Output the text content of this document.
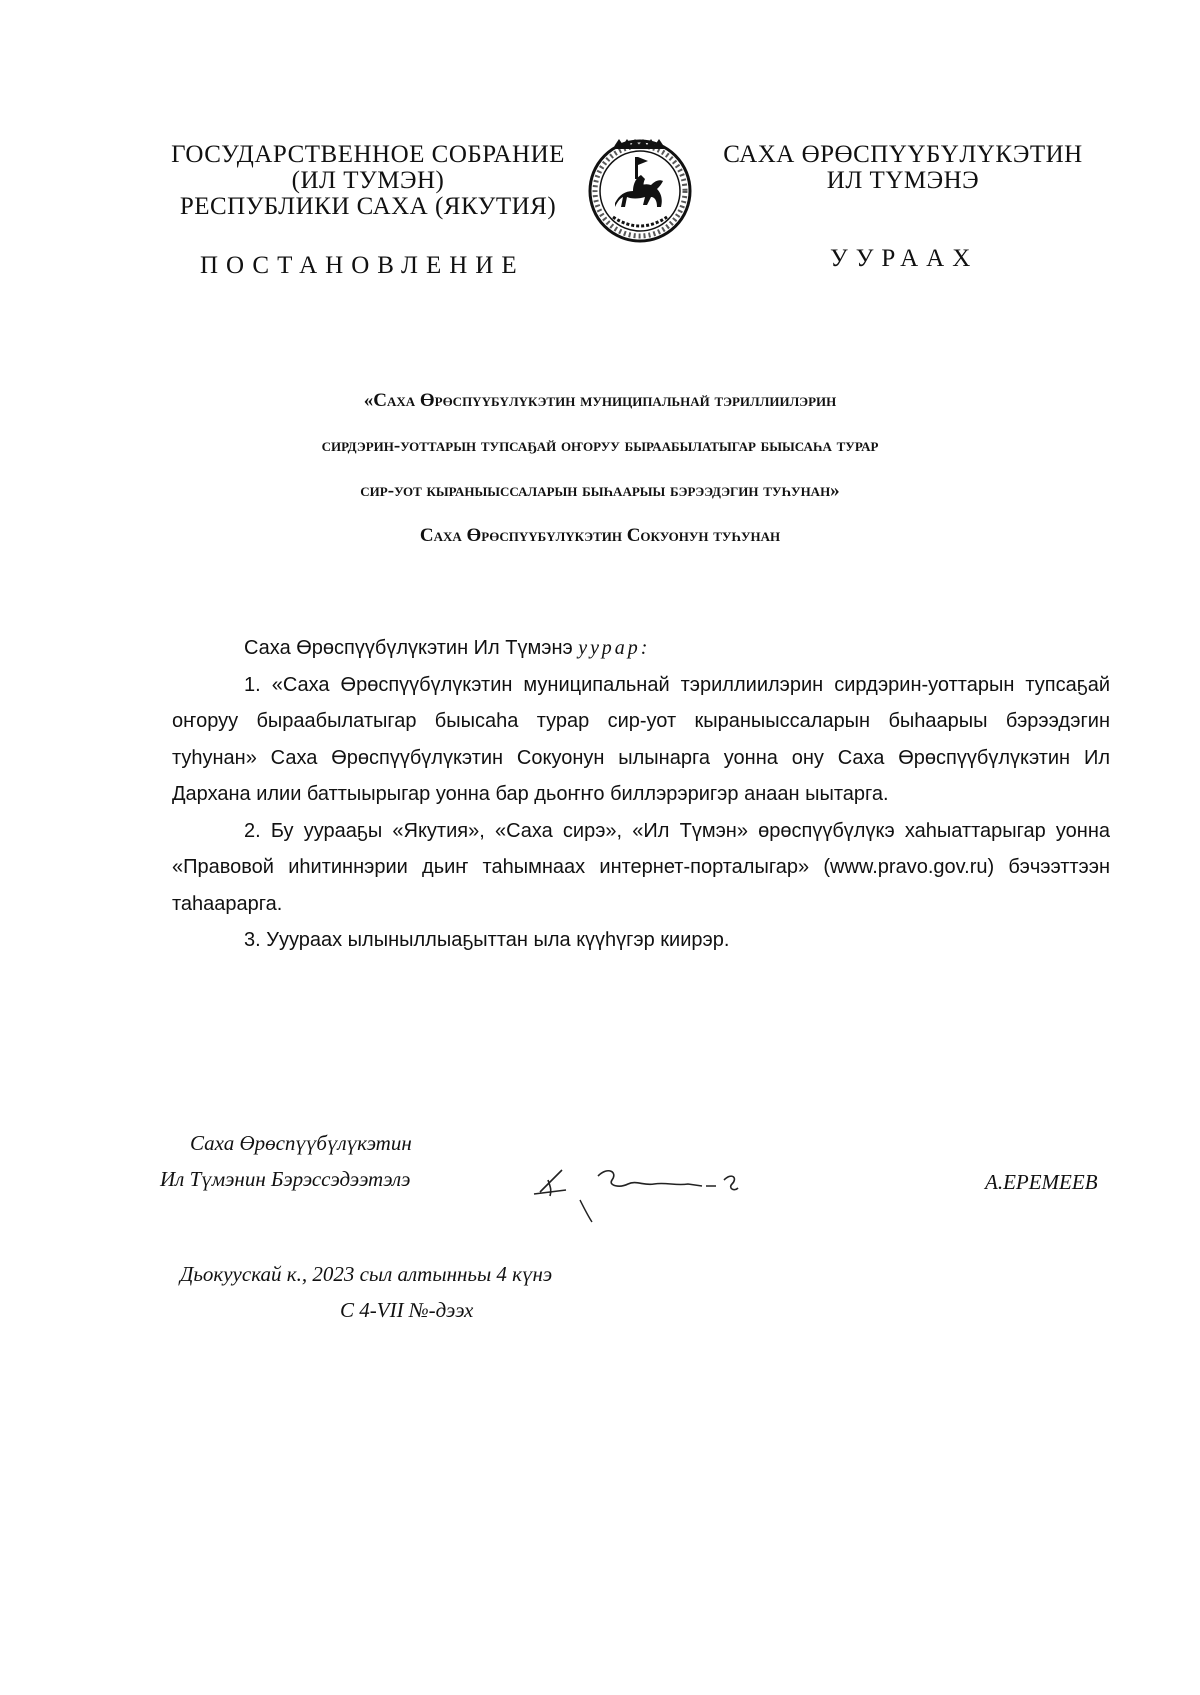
ГОСУДАРСТВЕННОЕ СОБРАНИЕ
(ИЛ ТУМЭН)
РЕСПУБЛИКИ САХА (ЯКУТИЯ)
САХА ӨРӨСПҮҮБҮЛҮКЭТИН
ИЛ ТҮМЭНЭ
ПОСТАНОВЛЕНИЕ	УУРААХ
«Саха Өрөспүүбүлүкэтин муниципальнай тэриллиилэрин
сирдэрин-уоттарын тупсаҕай оҥоруу быраабылатыгар быысаһа турар
сир-уот кыраныыссаларын быһаарыы бэрээдэгин туһунан»
Саха Өрөспүүбүлүкэтин Сокуонун туһунан

Саха Өрөспүүбүлүкэтин Ил Түмэнэ уурар:

1. «Саха Өрөспүүбүлүкэтин муниципальнай тэриллиилэрин сирдэрин-уоттарын тупсаҕай оҥоруу быраабылатыгар быысаһа турар сир-уот кыраныыссаларын быһаарыы бэрээдэгин туһунан» Саха Өрөспүүбүлүкэтин Сокуонун ылынарга уонна ону Саха Өрөспүүбүлүкэтин Ил Дархана илии баттыырыгар уонна бар дьоҥҥо биллэрэригэр анаан ыытарга.

2. Бу уурааҕы «Якутия», «Саха сирэ», «Ил Түмэн» өрөспүүбүлүкэ хаһыаттарыгар уонна «Правовой иһитиннэрии дьиҥ таһымнаах интернет-порталыгар» (www.pravo.gov.ru) бэчээттээн таһаарарга.

3. Ууураах ылыныллыаҕыттан ыла күүһүгэр киирэр.

Саха Өрөспүүбүлүкэтин
Ил Түмэнин Бэрэссэдээтэлэ	А.ЕРЕМЕЕВ
Дьокуускай к., 2023 сыл алтынньы 4 күнэ
С 4-VII №-дээх
